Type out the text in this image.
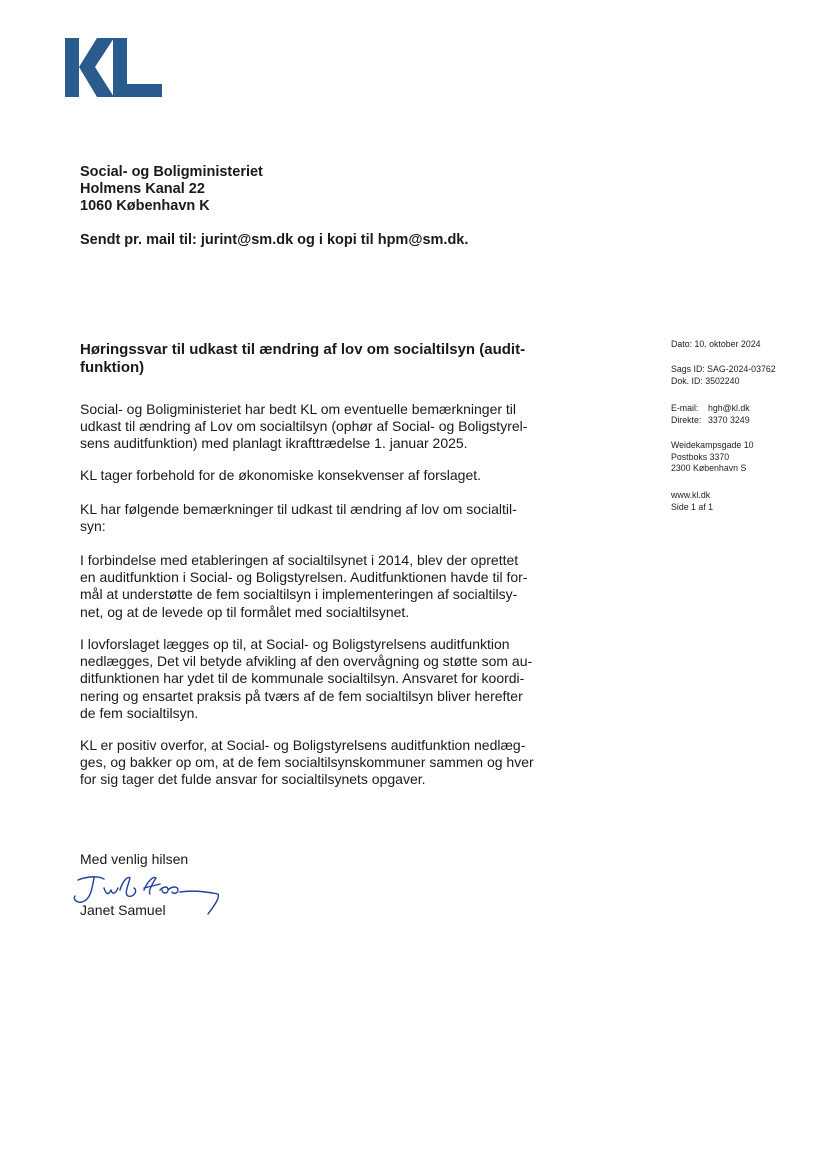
Social- og Boligministeriet
Holmens Kanal 22
1060 København K
Sendt pr. mail til: jurint@sm.dk og i kopi til hpm@sm.dk.
Høringssvar til udkast til ændring af lov om socialtilsyn (audit-
funktion)
Social- og Boligministeriet har bedt KL om eventuelle bemærkninger til
udkast til ændring af Lov om socialtilsyn (ophør af Social- og Boligstyrel-
sens auditfunktion) med planlagt ikrafttrædelse 1. januar 2025.
KL tager forbehold for de økonomiske konsekvenser af forslaget.
KL har følgende bemærkninger til udkast til ændring af lov om socialtil-
syn:
I forbindelse med etableringen af socialtilsynet i 2014, blev der oprettet
en auditfunktion i Social- og Boligstyrelsen. Auditfunktionen havde til for-
mål at understøtte de fem socialtilsyn i implementeringen af socialtilsy-
net, og at de levede op til formålet med socialtilsynet.
I lovforslaget lægges op til, at Social- og Boligstyrelsens auditfunktion
nedlægges, Det vil betyde afvikling af den overvågning og støtte som au-
ditfunktionen har ydet til de kommunale socialtilsyn. Ansvaret for koordi-
nering og ensartet praksis på tværs af de fem socialtilsyn bliver herefter
de fem socialtilsyn.
KL er positiv overfor, at Social- og Boligstyrelsens auditfunktion nedlæg-
ges, og bakker op om, at de fem socialtilsynskommuner sammen og hver
for sig tager det fulde ansvar for socialtilsynets opgaver.
Dato: 10. oktober 2024
Sags ID: SAG-2024-03762
Dok. ID: 3502240
E-mail: hgh@kl.dk
Direkte: 3370 3249
Weidekampsgade 10
Postboks 3370
2300 København S
www.kl.dk
Side 1 af 1
Med venlig hilsen
Janet Samuel
